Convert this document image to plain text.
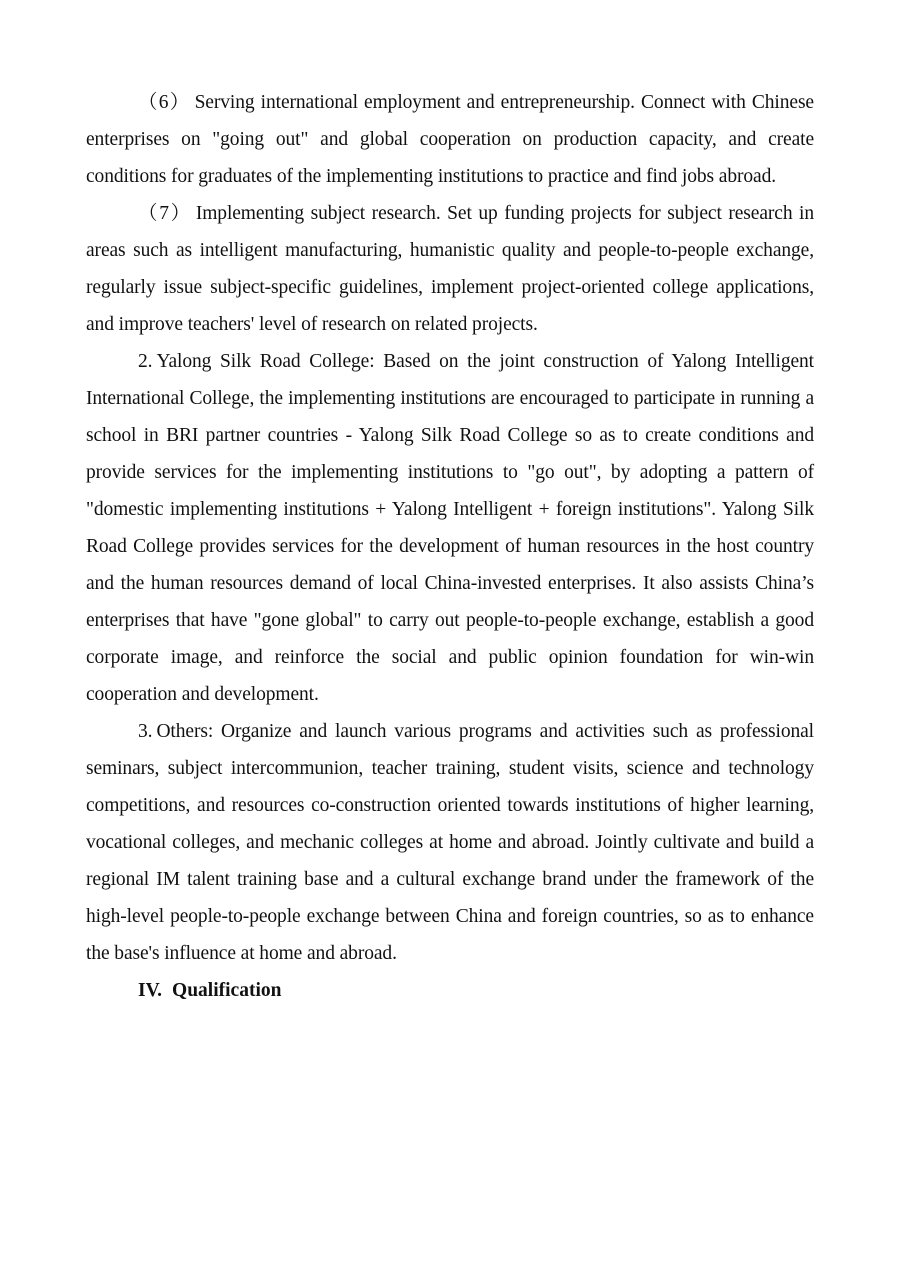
（6） Serving international employment and entrepreneurship. Connect with Chinese enterprises on "going out" and global cooperation on production capacity, and create conditions for graduates of the implementing institutions to practice and find jobs abroad.

（7） Implementing subject research. Set up funding projects for subject research in areas such as intelligent manufacturing, humanistic quality and people-to-people exchange, regularly issue subject-specific guidelines, implement project-oriented college applications, and improve teachers' level of research on related projects.

2. Yalong Silk Road College: Based on the joint construction of Yalong Intelligent International College, the implementing institutions are encouraged to participate in running a school in BRI partner countries - Yalong Silk Road College so as to create conditions and provide services for the implementing institutions to "go out", by adopting a pattern of "domestic implementing institutions + Yalong Intelligent + foreign institutions". Yalong Silk Road College provides services for the development of human resources in the host country and the human resources demand of local China-invested enterprises. It also assists China’s enterprises that have "gone global" to carry out people-to-people exchange, establish a good corporate image, and reinforce the social and public opinion foundation for win-win cooperation and development.

3. Others: Organize and launch various programs and activities such as professional seminars, subject intercommunion, teacher training, student visits, science and technology competitions, and resources co-construction oriented towards institutions of higher learning, vocational colleges, and mechanic colleges at home and abroad. Jointly cultivate and build a regional IM talent training base and a cultural exchange brand under the framework of the high-level people-to-people exchange between China and foreign countries, so as to enhance the base's influence at home and abroad.

IV. Qualification
